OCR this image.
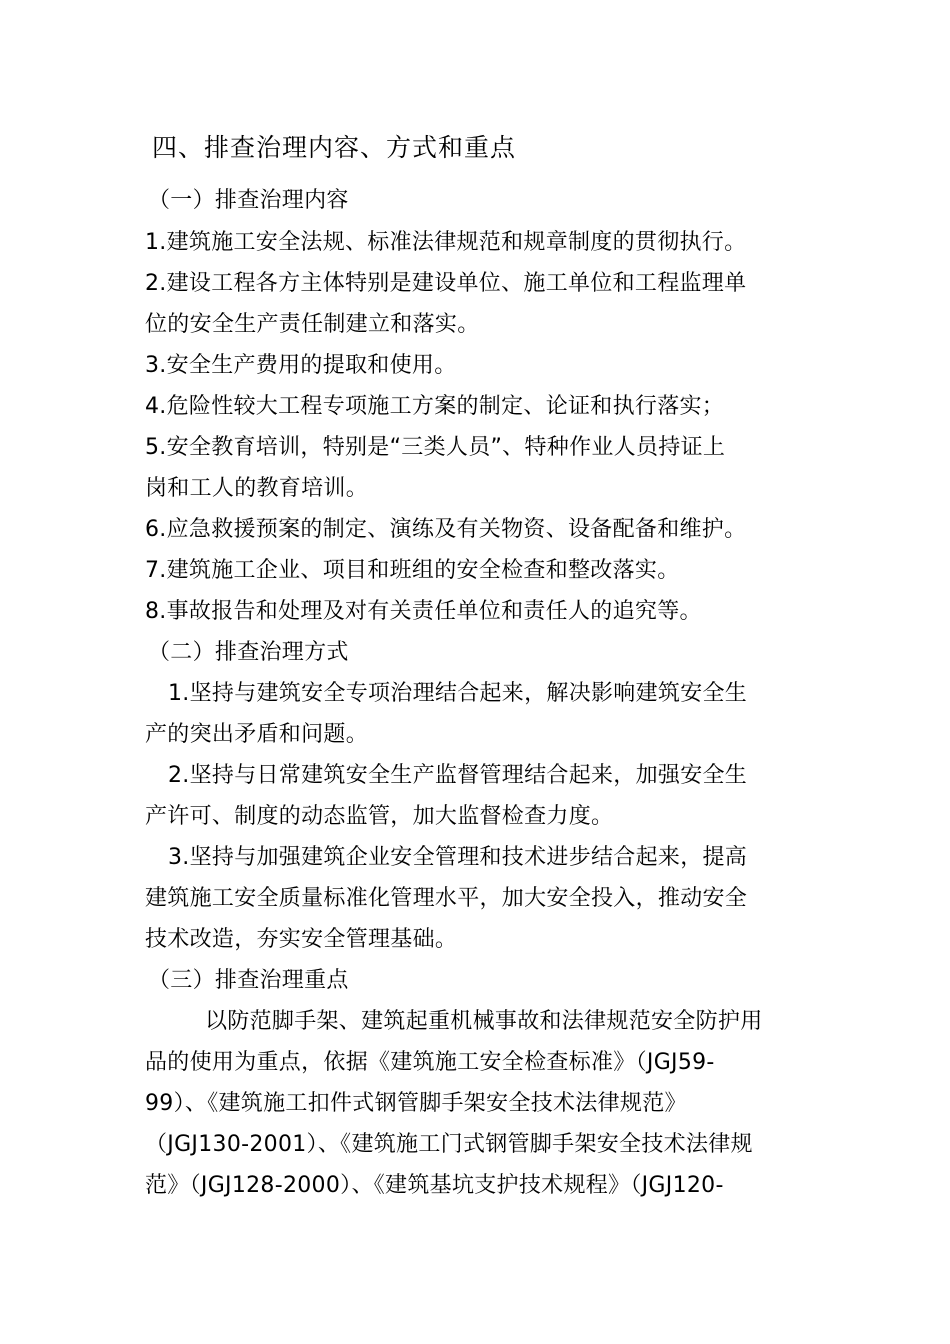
四、排查治理内容、方式和重点
（一）排查治理内容
1.建筑施工安全法规、标准法律规范和规章制度的贯彻执行。
2.建设工程各方主体特别是建设单位、施工单位和工程监理单
位的安全生产责任制建立和落实。
3.安全生产费用的提取和使用。
4.危险性较大工程专项施工方案的制定、论证和执行落实；
5.安全教育培训，特别是“三类人员”、特种作业人员持证上
岗和工人的教育培训。
6.应急救援预案的制定、演练及有关物资、设备配备和维护。
7.建筑施工企业、项目和班组的安全检查和整改落实。
8.事故报告和处理及对有关责任单位和责任人的追究等。
（二）排查治理方式
1.坚持与建筑安全专项治理结合起来，解决影响建筑安全生
产的突出矛盾和问题。
2.坚持与日常建筑安全生产监督管理结合起来，加强安全生
产许可、制度的动态监管，加大监督检查力度。
3.坚持与加强建筑企业安全管理和技术进步结合起来，提高
建筑施工安全质量标准化管理水平，加大安全投入，推动安全
技术改造，夯实安全管理基础。
（三）排查治理重点
以防范脚手架、建筑起重机械事故和法律规范安全防护用
品的使用为重点，依据《建筑施工安全检查标准》（JGJ59-
99）、《建筑施工扣件式钢管脚手架安全技术法律规范》
（JGJ130-2001）、《建筑施工门式钢管脚手架安全技术法律规
范》（JGJ128-2000）、《建筑基坑支护技术规程》（JGJ120-
